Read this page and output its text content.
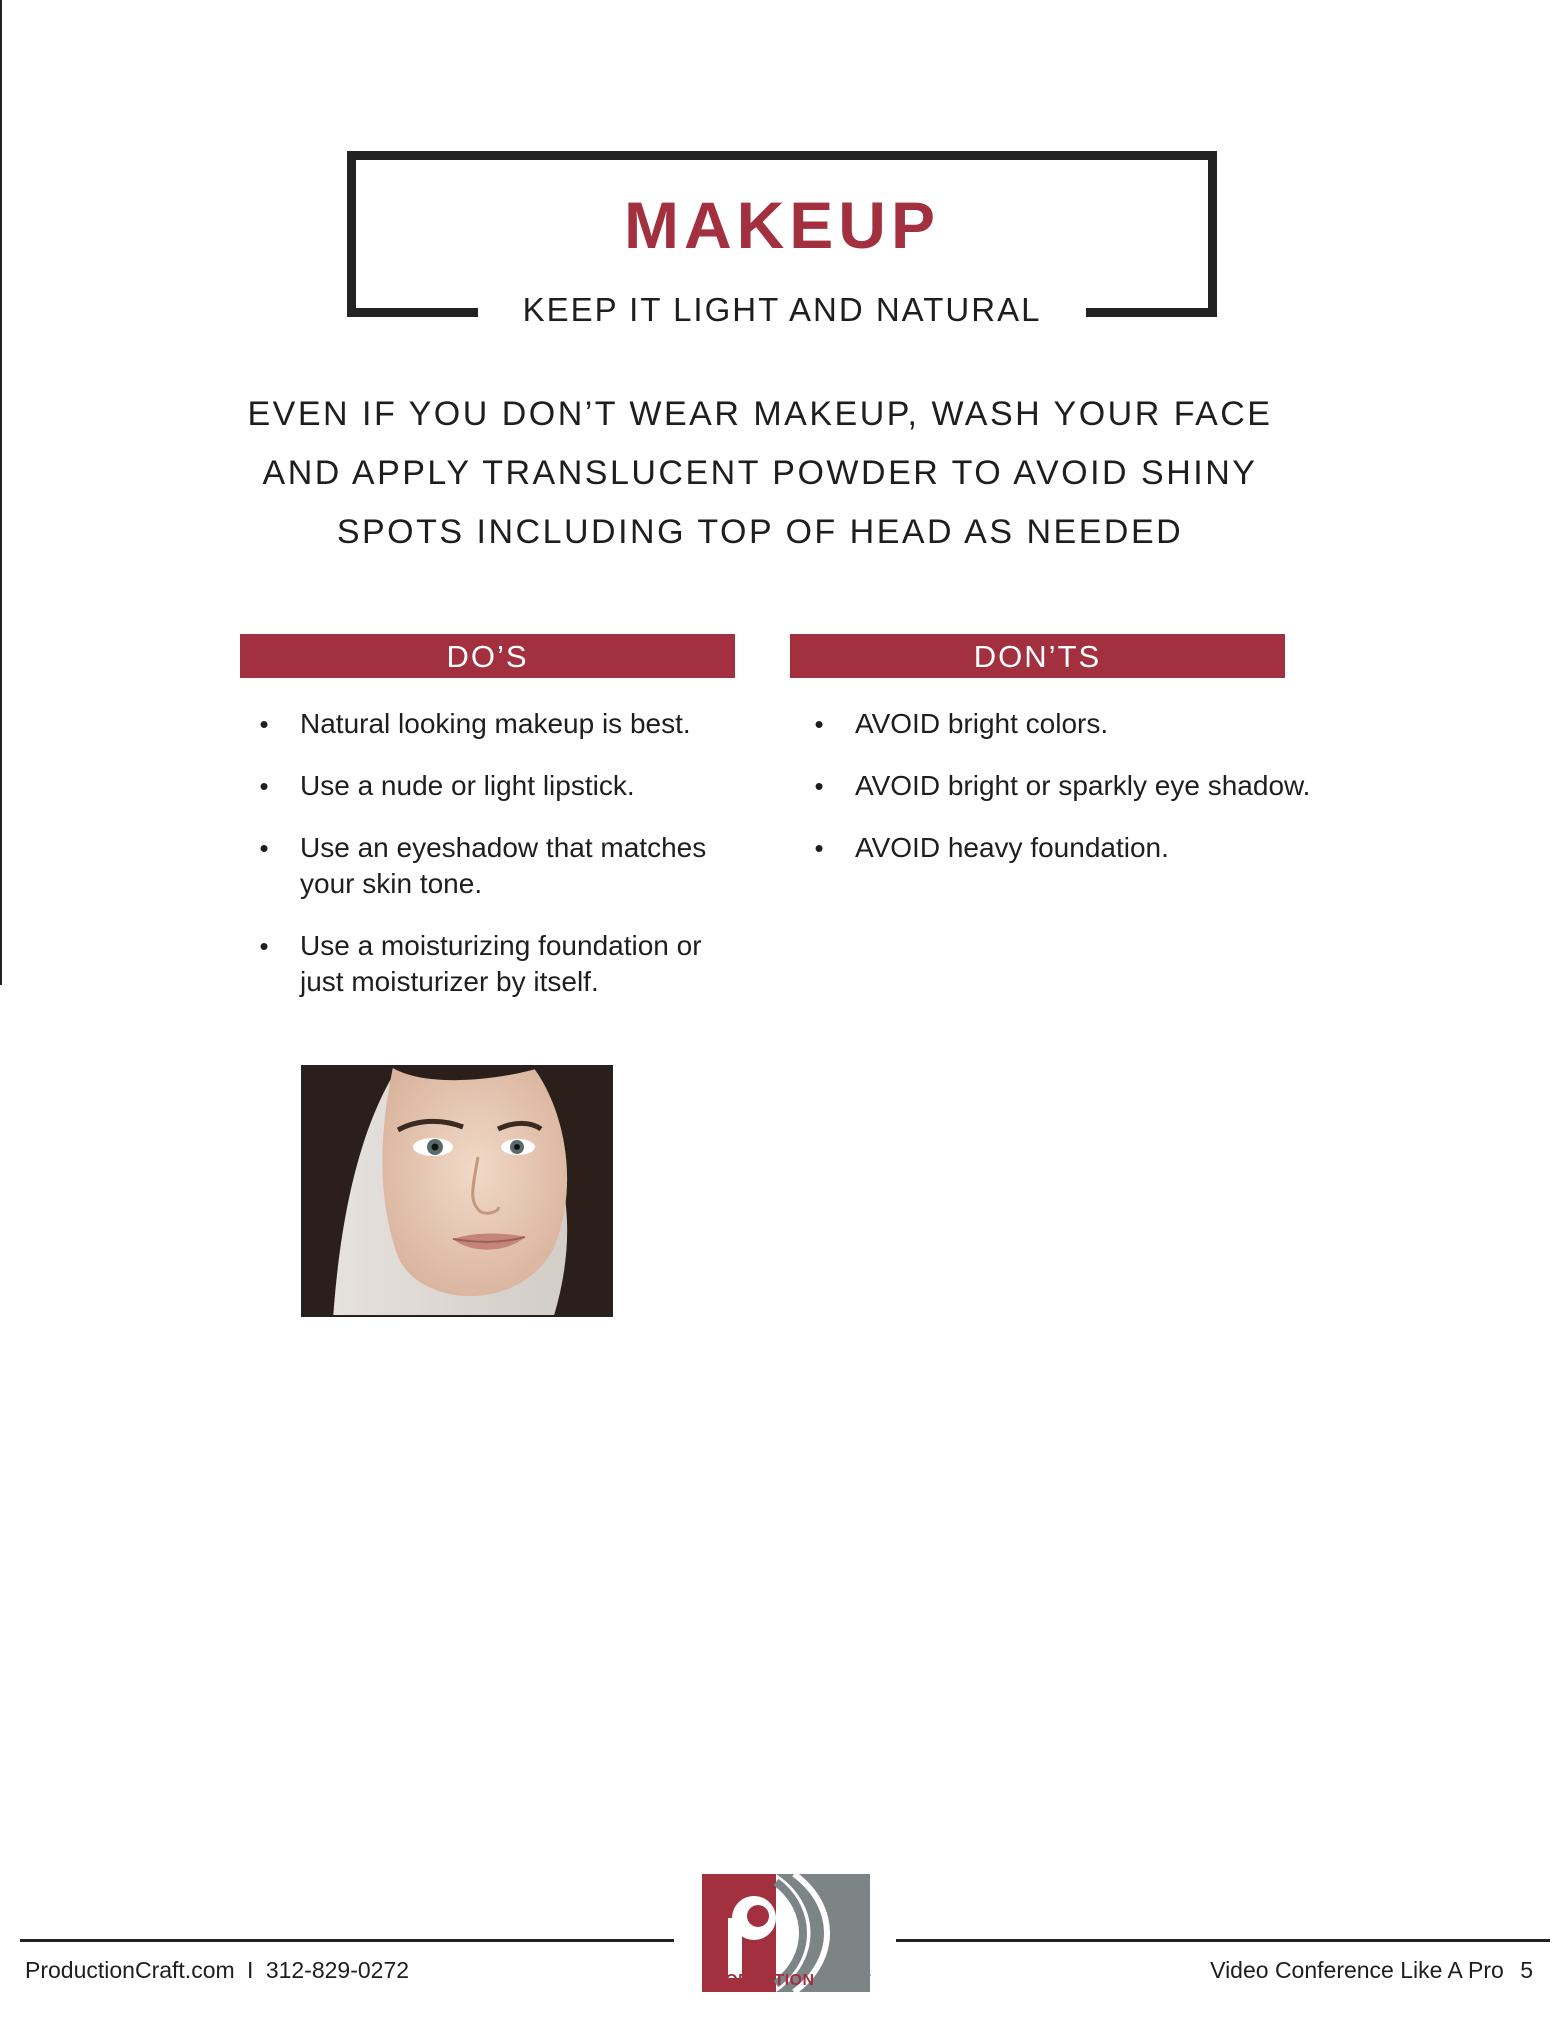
MAKEUP
KEEP IT LIGHT AND NATURAL
EVEN IF YOU DON’T WEAR MAKEUP, WASH YOUR FACE
AND APPLY TRANSLUCENT POWDER TO AVOID SHINY
SPOTS INCLUDING TOP OF HEAD AS NEEDED
DO’S	DON’TS
• Natural looking makeup is best.
• Use a nude or light lipstick.
• Use an eyeshadow that matches your skin tone.
• Use a moisturizing foundation or just moisturizer by itself.
• AVOID bright colors.
• AVOID bright or sparkly eye shadow.
• AVOID heavy foundation.
PRODUCTIONCRAFT
ProductionCraft.com I 312-829-0272	Video Conference Like A Pro 5
